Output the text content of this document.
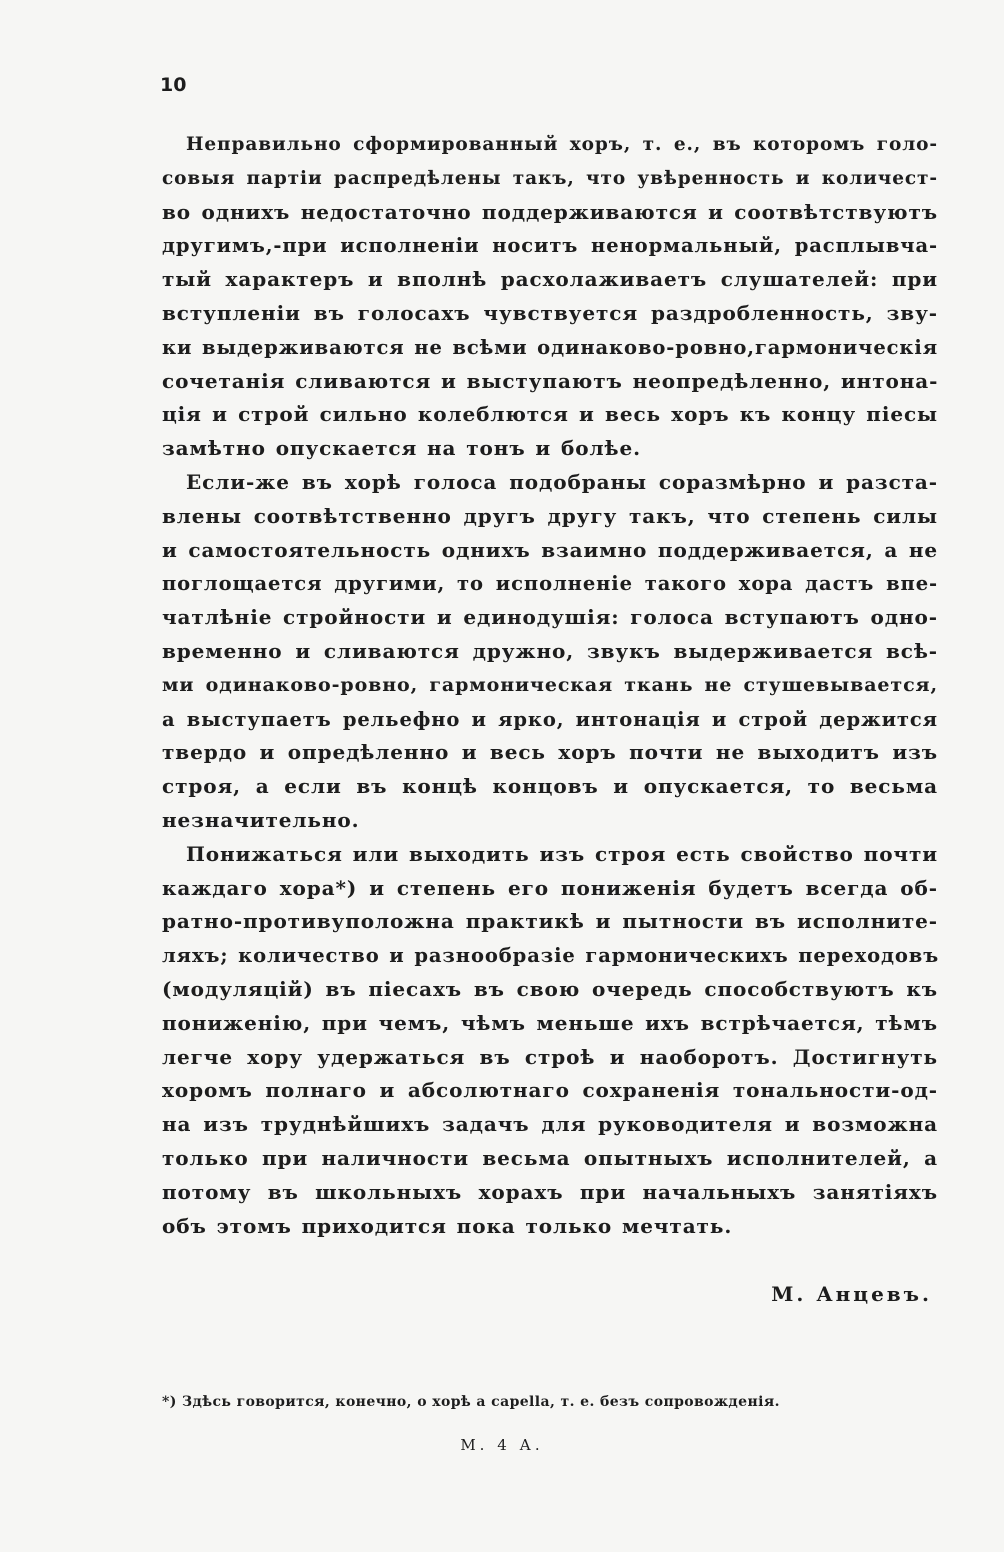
10
Неправильно сформированный хоръ, т. е., въ которомъ голо-
совыя партiи распредѣлены такъ, что увѣренность и количест-
во однихъ недостаточно поддерживаются и соотвѣтствуютъ
другимъ,-при исполненiи носитъ ненормальный, расплывча-
тый характеръ и вполнѣ расхолаживаетъ слушателей: при
вступленiи въ голосахъ чувствуется раздробленность, зву-
ки выдерживаются не всѣми одинаково-ровно,гармоническiя
сочетанiя сливаются и выступаютъ неопредѣленно, интона-
цiя и строй сильно колеблются и весь хоръ къ концу пiесы
замѣтно опускается на тонъ и болѣе.
Если-же въ хорѣ голоса подобраны соразмѣрно и разста-
влены соотвѣтственно другъ другу такъ, что степень силы
и самостоятельность однихъ взаимно поддерживается, а не
поглощается другими, то исполненiе такого хора дастъ впе-
чатлѣнiе стройности и единодушiя: голоса вступаютъ одно-
временно и сливаются дружно, звукъ выдерживается всѣ-
ми одинаково-ровно, гармоническая ткань не стушевывается,
а выступаетъ рельефно и ярко, интонацiя и строй держится
твердо и опредѣленно и весь хоръ почти не выходитъ изъ
строя, а если въ концѣ концовъ и опускается, то весьма
незначительно.
Понижаться или выходить изъ строя есть свойство почти
каждаго хора*) и степень его пониженiя будетъ всегда об-
ратно-противуположна практикѣ и пытности въ исполните-
ляхъ; количество и разнообразiе гармоническихъ переходовъ
(модуляцiй) въ пiесахъ въ свою очередь способствуютъ къ
пониженiю, при чемъ, чѣмъ меньше ихъ встрѣчается, тѣмъ
легче хору удержаться въ строѣ и наоборотъ. Достигнуть
хоромъ полнаго и абсолютнаго сохраненiя тональности-од-
на изъ труднѣйшихъ задачъ для руководителя и возможна
только при наличности весьма опытныхъ исполнителей, а
потому въ школьныхъ хорахъ при начальныхъ занятiяхъ
объ этомъ приходится пока только мечтать.
М. Анцевъ.
*) Здѣсь говорится, конечно, о хорѣ a capella, т. е. безъ сопровожденiя.
М. 4 А.
